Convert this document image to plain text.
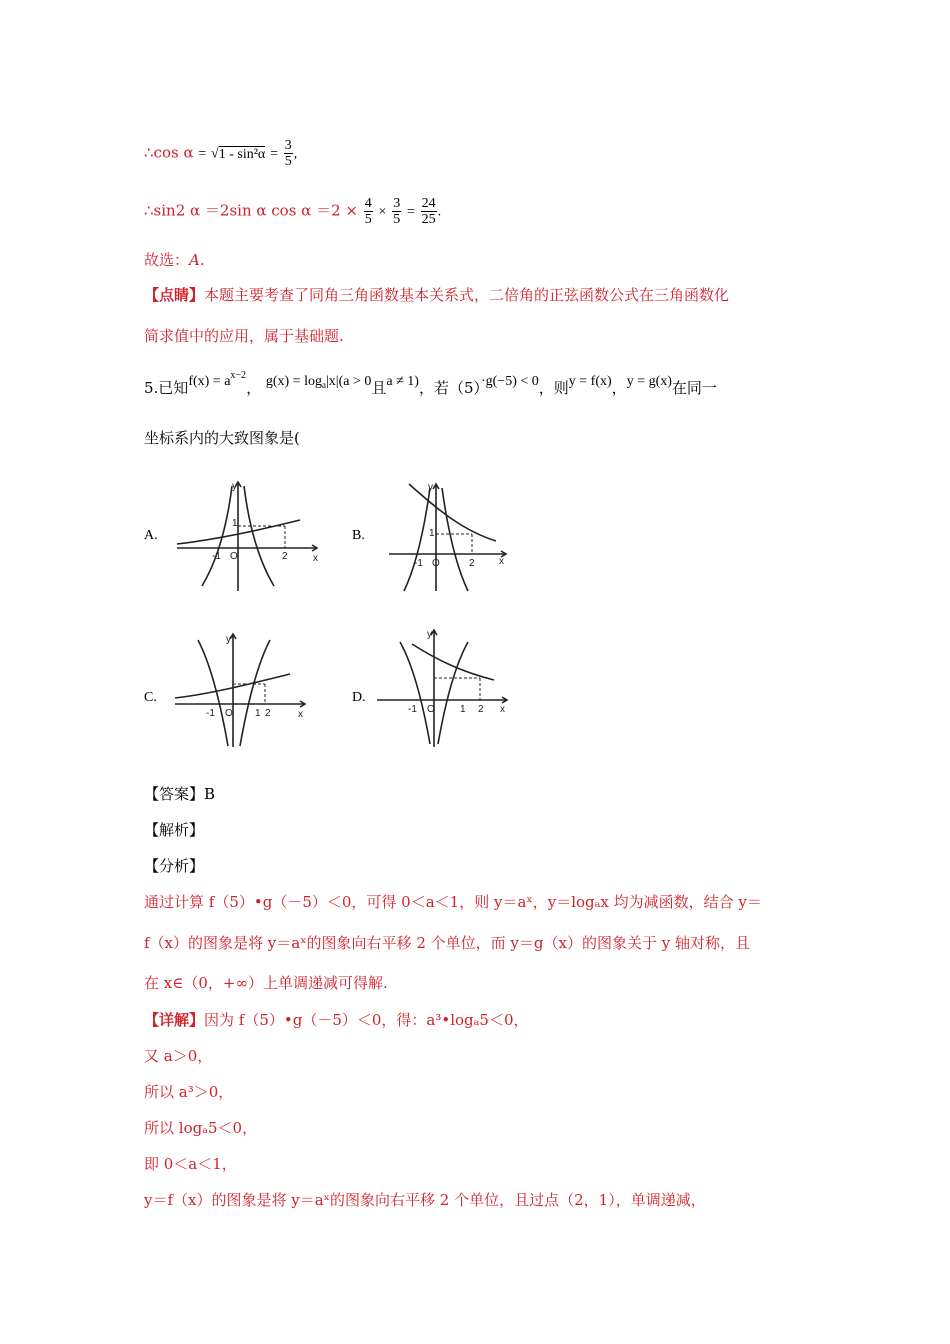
∴cos $\alpha = √1 - \sin^2\alpha = \frac{3}{5}$ ,
∴sin2 α ＝2sin α $\cos \alpha =2 \times \frac{4}{5} \times \frac{3}{5} = \frac{24}{25}$ .
故选：A.
【点睛】本题主要考查了同角三角函数基本关系式，二倍角的正弦函数公式在三角函数化
简求值中的应用，属于基础题.
5.已知$f(x) = a^{x-2}$， $g(x) = \log_a|x|(a > 0$且a ≠ 1)，若（5）·g(−5) < 0，则y = f(x)，y = g(x)在同一
坐标系内的大致图象是(
A.	B.
C.	D.
y
x
O
-1
1
2
y
x
O
-1
1
2
y
x
O
-1	1 2
y
x
O
-1	1 2
【答案】B
【解析】
【分析】
通过计算 f（5）•g（－5）＜0，可得 0＜a＜1，则 y＝aˣ，y＝logₐx 均为减函数，结合 y＝
f（x）的图象是将 y＝aˣ的图象向右平移 2 个单位，而 y＝g（x）的图象关于 y 轴对称，且
在 x∈（0，+∞）上单调递减可得解.
【详解】因为 f（5）•g（－5）＜0，得：a³•logₐ5＜0，
又 a＞0，
所以 a³＞0，
所以 logₐ5＜0，
即 0＜a＜1，
y＝f（x）的图象是将 y＝aˣ的图象向右平移 2 个单位，且过点（2，1），单调递减，
